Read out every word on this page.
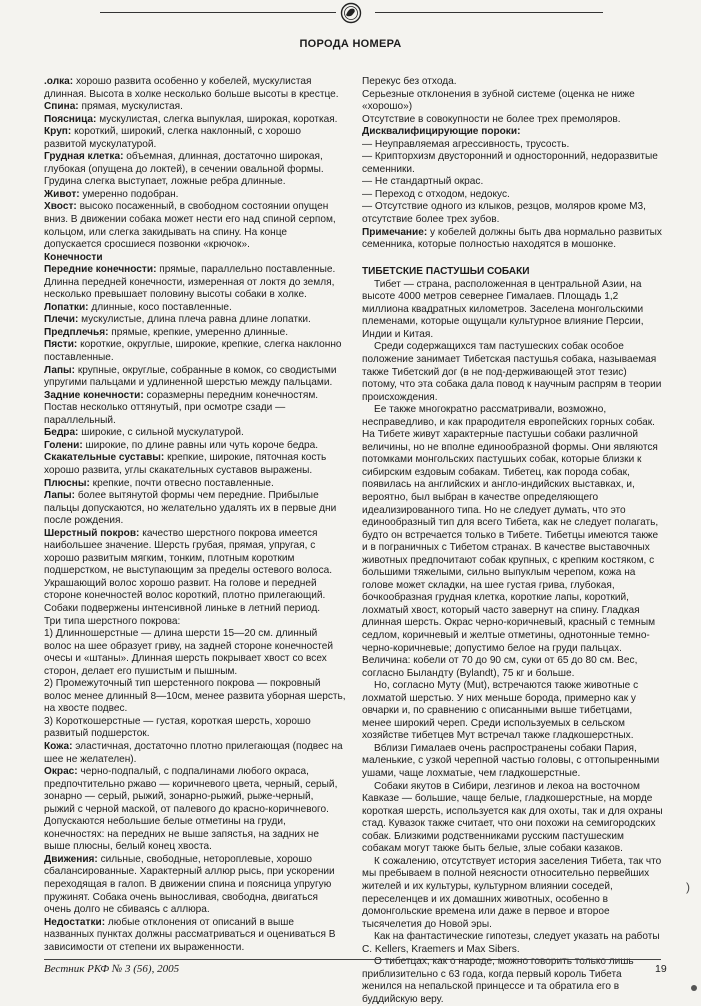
ПОРОДА НОМЕРА

.олка: хорошо развита особенно у кобелей, мускулистая длинная. Высота в холке несколько больше высоты в крестце.

Спина: прямая, мускулистая.

Поясница: мускулистая, слегка выпуклая, широкая, короткая.

Круп: короткий, широкий, слегка наклонный, с хорошо развитой мускулатурой.

Грудная клетка: объемная, длинная, достаточно широкая, глубокая (опущена до локтей), в сечении овальной формы. Грудина слегка выступает, ложные ребра длинные.

Живот: умеренно подобран.

Хвост: высоко посаженный, в свободном состоянии опущен вниз. В движении собака может нести его над спиной серпом, кольцом, или слегка закидывать на спину. На конце допускается сросшиеся позвонки «крючок».

Конечности

Передние конечности: прямые, параллельно поставленные. Длинна передней конечности, измеренная от локтя до земля, несколько превышает половину высоты собаки в холке.

Лопатки: длинные, косо поставленные.

Плечи: мускулистые, длина плеча равна длине лопатки.

Предплечья: прямые, крепкие, умеренно длинные.

Пясти: короткие, округлые, широкие, крепкие, слегка наклонно поставленные.

Лапы: крупные, округлые, собранные в комок, со сводистыми упругими пальцами и удлиненной шерстью между пальцами.

Задние конечности: соразмерны передним конечностям. Постав несколько оттянутый, при осмотре сзади — параллельный.

Бедра: широкие, с сильной мускулатурой.

Голени: широкие, по длине равны или чуть короче бедра.

Скакательные суставы: крепкие, широкие, пяточная кость хорошо развита, углы скакательных суставов выражены.

Плюсны: крепкие, почти отвесно поставленные.

Лапы: более вытянутой формы чем передние. Прибылые пальцы допускаются, но желательно удалять их в первые дни после рождения.

Шерстный покров: качество шерстного покрова имеется наибольшее значение. Шерсть грубая, прямая, упругая, с хорошо развитым мягким, тонким, плотным коротким подшерстком, не выступающим за пределы остевого волоса. Украшающий волос хорошо развит. На голове и передней стороне конечностей волос короткий, плотно прилегающий. Собаки подвержены интенсивной линьке в летний период.

Три типа шерстного покрова:

1) Длинношерстные — длина шерсти 15—20 см. длинный волос на шее образует гриву, на задней стороне конечностей очесы и «штаны». Длинная шерсть покрывает хвост со всех сторон, делает его пушистым и пышным.

2) Промежуточный тип шерстенного покрова — покровный волос менее длинный 8—10см, менее развита уборная шерсть, на хвосте подвес.

3) Короткошерстные — густая, короткая шерсть, хорошо развитый подшерсток.

Кожа: эластичная, достаточно плотно прилегающая (подвес на шее не желателен).

Окрас: черно-подпалый, с подпалинами любого окраса, предпочтительно ржаво — коричневого цвета, черный, серый, зонарно — серый, рыжий, зонарно-рыжий, рыже-черный, рыжий с черной маской, от палевого до красно-коричневого. Допускаются небольшие белые отметины на груди, конечностях: на передних не выше запястья, на задних не выше плюсны, белый конец хвоста.

Движения: сильные, свободные, нетороплевые, хорошо сбалансированные. Характерный аллюр рысь, при ускорении переходящая в галоп. В движении спина и поясница упругую пружинят. Собака очень выносливая, свободна, двигаться очень долго не сбиваясь с аллюра.

Недостатки: любые отклонения от описаний в выше названных пунктах должны рассматриваться и оцениваться В зависимости от степени их выраженности.

Перекус без отхода.

Серьезные отклонения в зубной системе (оценка не ниже «хорошо»)

Отсутствие в совокупности не более трех премоляров.

Дисквалифицирующие пороки:

— Неуправляемая агрессивность, трусость.

— Крипторхизм двусторонний и односторонний, недоразвитые семенники.

— Не стандартный окрас.

— Переход с отходом, недокус.

— Отсутствие одного из клыков, резцов, моляров кроме М3, отсутствие более трех зубов.

Примечание: у кобелей должны быть два нормально развитых семенника, которые полностью находятся в мошонке.

ТИБЕТСКИЕ ПАСТУШЬИ СОБАКИ

Тибет — страна, расположенная в центральной Азии, на высоте 4000 метров севернее Гималаев. Площадь 1,2 миллиона квадратных километров. Заселена монгольскими племенами, которые ощущали культурное влияние Персии, Индии и Китая.

Среди содержащихся там пастушеских собак особое положение занимает Тибетская пастушья собака, называемая также Тибетский дог (в не под-держивающей этот тезис) потому, что эта собака дала повод к научным распрям в теории происхождения.

Ее также многократно рассматривали, возможно, несправедливо, и как прародителя европейских горных собак. На Тибете живут характерные пастушьи собаки различной величины, но не вполне единообразной формы. Они являются потомками монгольских пастушьих собак, которые близки к сибирским ездовым собакам. Тибетец, как порода собак, появилась на английских и англо-индийских выставках, и, вероятно, был выбран в качестве определяющего идеализированного типа. Но не следует думать, что это единообразный тип для всего Тибета, как не следует полагать, будто он встречается только в Тибете. Тибетцы имеются также и в пограничных с Тибетом странах. В качестве выставочных животных предпочитают собак крупных, с крепким костяком, с большими тяжелыми, сильно выпуклым черепом, кожа на голове может складки, на шее густая грива, глубокая, бочкообразная грудная клетка, короткие лапы, короткий, лохматый хвост, который часто завернут на спину. Гладкая длинная шерсть. Окрас черно-коричневый, красный с темным седлом, коричневый и желтые отметины, однотонные темно-черно-коричневые; допустимо белое на груди пальцах. Величина: кобели от 70 до 90 см, суки от 65 до 80 см. Вес, согласно Быландту (Bylandt), 75 кг и больше.

Но, согласно Муту (Mut), встречаются также животные с лохматой шерстью. У них меньше борода, примерно как у овчарки и, по сравнению с описанными выше тибетцами, менее широкий череп. Среди используемых в сельском хозяйстве тибетцев Мут встречал также гладкошерстных.

Вблизи Гималаев очень распространены собаки Пария, маленькие, с узкой черепной частью головы, с оттопыренными ушами, чаще лохматые, чем гладкошерстные.

Собаки якутов в Сибири, лезгинов и лекоа на восточном Кавказе — большие, чаще белые, гладкошерстные, на морде короткая шерсть, используется как для охоты, так и для охраны стад. Кувазок также считает, что они похожи на семигородских собак. Близкими родственниками русским пастушеским собакам могут также быть белые, злые собаки казаков.

К сожалению, отсутствует история заселения Тибета, так что мы пребываем в полной неясности относительно первейших жителей и их культуры, культурном влиянии соседей, переселенцев и их домашних животных, особенно в домонгольские времена или даже в первое и второе тысячелетия до Новой эры.

Как на фантастические гипотезы, следует указать на работы C. Kellers, Kraemers и Max Sibers.

О тибетцах, как о народе, можно говорить только лишь приблизительно с 63 года, когда первый король Тибета женился на непальской принцессе и та обратила его в буддийскую веру.

Вестник РКФ № 3 (56), 2005	19
)
